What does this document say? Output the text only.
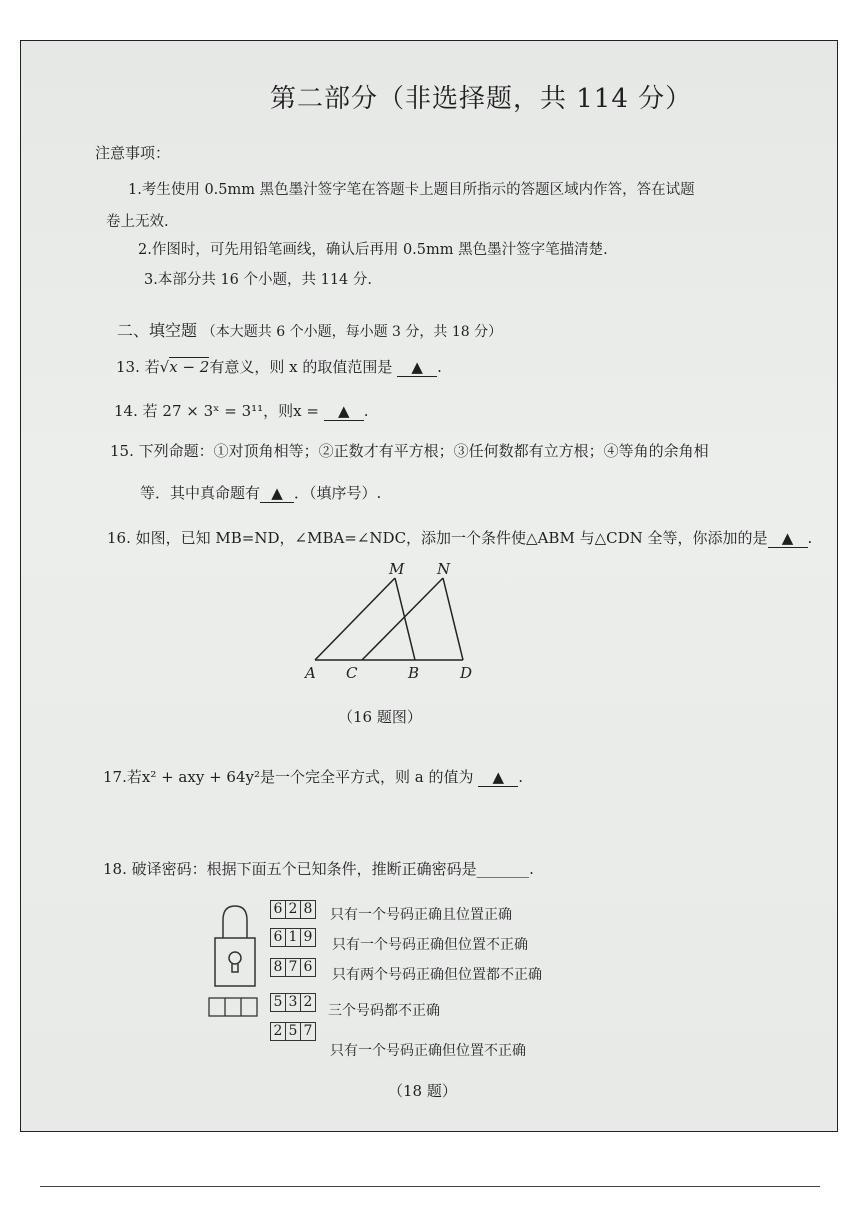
第二部分（非选择题，共 114 分）
注意事项：
1.考生使用 0.5mm 黑色墨汁签字笔在答题卡上题目所指示的答题区域内作答，答在试题
卷上无效.
2.作图时，可先用铅笔画线，确认后再用 0.5mm 黑色墨汁签字笔描清楚.
3.本部分共 16 个小题，共 114 分.
二、填空题 （本大题共 6 个小题，每小题 3 分，共 18 分）
13. 若√x − 2有意义，则 x 的取值范围是 ▲ .
14. 若 27 × 3ˣ = 3¹¹，则x = ▲ .
15. 下列命题：①对顶角相等；②正数才有平方根；③任何数都有立方根；④等角的余角相
等．其中真命题有 ▲ ．（填序号）.
16. 如图，已知 MB=ND，∠MBA=∠NDC，添加一个条件使△ABM 与△CDN 全等，你添加的是 ▲ .
M N
A C	B	D
（16 题图）
17.若x² + axy + 64y²是一个完全平方式，则 a 的值为 ▲ .
18. 破译密码：根据下面五个已知条件，推断正确密码是_______.
6 2 8 只有一个号码正确且位置正确
6 1 9 只有一个号码正确但位置不正确
8 7 6 只有两个号码正确但位置都不正确
5 3 2
三个号码都不正确
2 5 7
只有一个号码正确但位置不正确
（18 题）
